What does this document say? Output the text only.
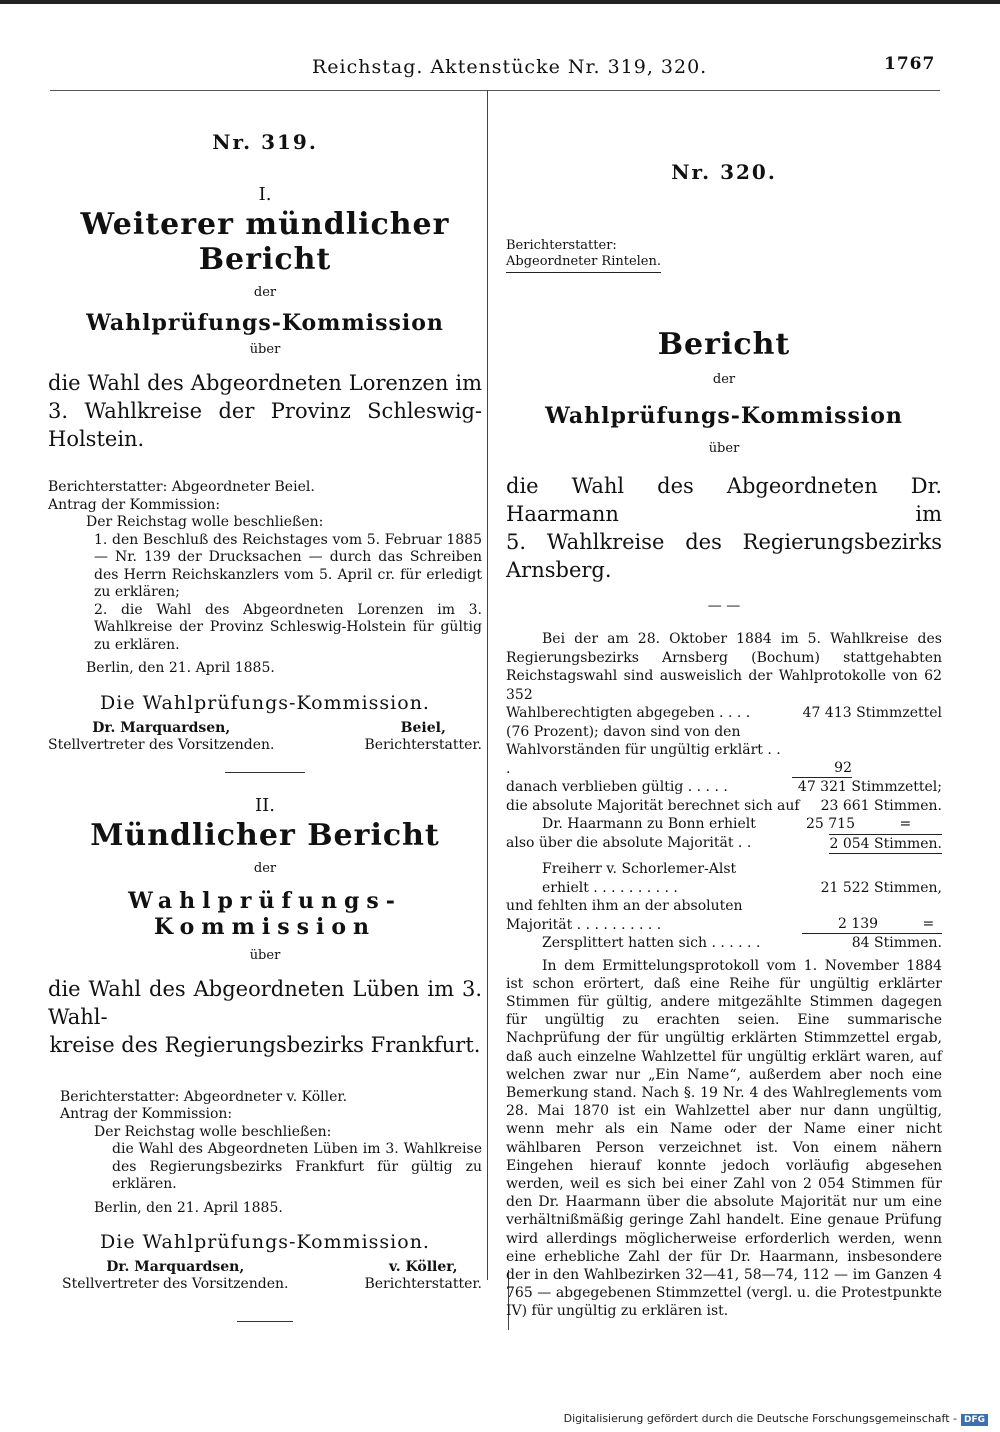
Reichstag. Aktenstücke Nr. 319, 320.	1767
Nr. 319.
I.
Weiterer mündlicher Bericht
der
Wahlprüfungs-Kommission
über
die Wahl des Abgeordneten Lorenzen im
3. Wahlkreise der Provinz Schleswig-Holstein.
Berichterstatter: Abgeordneter Beiel.
Antrag der Kommission:
Der Reichstag wolle beschließen:
1. den Beschluß des Reichstages vom 5. Februar 1885 — Nr. 139 der Drucksachen — durch das Schreiben des Herrn Reichskanzlers vom 5. April cr. für erledigt zu erklären;
2. die Wahl des Abgeordneten Lorenzen im 3. Wahlkreise der Provinz Schleswig-Holstein für gültig zu erklären.
Berlin, den 21. April 1885.
Die Wahlprüfungs-Kommission.
Dr. Marquardsen,
Stellvertreter des Vorsitzenden.
Beiel,
Berichterstatter.
II.
Mündlicher Bericht
der
Wahlprüfungs-Kommission
über
die Wahl des Abgeordneten Lüben im 3. Wahl-
kreise des Regierungsbezirks Frankfurt.
Berichterstatter: Abgeordneter v. Köller.
Antrag der Kommission:
Der Reichstag wolle beschließen:
die Wahl des Abgeordneten Lüben im 3. Wahlkreise des Regierungsbezirks Frankfurt für gültig zu erklären.
Berlin, den 21. April 1885.
Die Wahlprüfungs-Kommission.
Dr. Marquardsen,
Stellvertreter des Vorsitzenden.
v. Köller,
Berichterstatter.
Nr. 320.
Berichterstatter:
Abgeordneter Rintelen.
Bericht
der
Wahlprüfungs-Kommission
über
die Wahl des Abgeordneten Dr. Haarmann im
5. Wahlkreise des Regierungsbezirks Arnsberg.
— —
Bei der am 28. Oktober 1884 im 5. Wahlkreise des Regierungsbezirks Arnsberg (Bochum) stattgehabten Reichstagswahl sind ausweislich der Wahlprotokolle von 62 352
Wahlberechtigten abgegeben . . . .	47 413 Stimmzettel
(76 Prozent); davon sind von den Wahlvorständen für ungültig erklärt . . .	92
danach verblieben gültig . . . . .	47 321 Stimmzettel;
die absolute Majorität berechnet sich auf 23 661 Stimmen.
Dr. Haarmann zu Bonn erhielt	25 715	=
also über die absolute Majorität . .	2 054 Stimmen.
Freiherr v. Schorlemer-Alst erhielt . . . . . . . . . .	21 522 Stimmen,
und fehlten ihm an der absoluten Majorität . . . . . . . . . .	2 139	=
Zersplittert hatten sich . . . . . .	84 Stimmen.
In dem Ermittelungsprotokoll vom 1. November 1884 ist schon erörtert, daß eine Reihe für ungültig erklärter Stimmen für gültig, andere mitgezählte Stimmen dagegen für ungültig zu erachten seien. Eine summarische Nachprüfung der für ungültig erklärten Stimmzettel ergab, daß auch einzelne Wahlzettel für ungültig erklärt waren, auf welchen zwar nur „Ein Name“, außerdem aber noch eine Bemerkung stand. Nach §. 19 Nr. 4 des Wahlreglements vom 28. Mai 1870 ist ein Wahlzettel aber nur dann ungültig, wenn mehr als ein Name oder der Name einer nicht wählbaren Person verzeichnet ist. Von einem nähern Eingehen hierauf konnte jedoch vorläufig abgesehen werden, weil es sich bei einer Zahl von 2 054 Stimmen für den Dr. Haarmann über die absolute Majorität nur um eine verhältnißmäßig geringe Zahl handelt. Eine genaue Prüfung wird allerdings möglicherweise erforderlich werden, wenn eine erhebliche Zahl der für Dr. Haarmann, insbesondere der in den Wahlbezirken 32—41, 58—74, 112 — im Ganzen 4 765 — abgegebenen Stimmzettel (vergl. u. die Protestpunkte IV) für ungültig zu erklären ist.
Digitalisierung gefördert durch die Deutsche Forschungsgemeinschaft - DFG
